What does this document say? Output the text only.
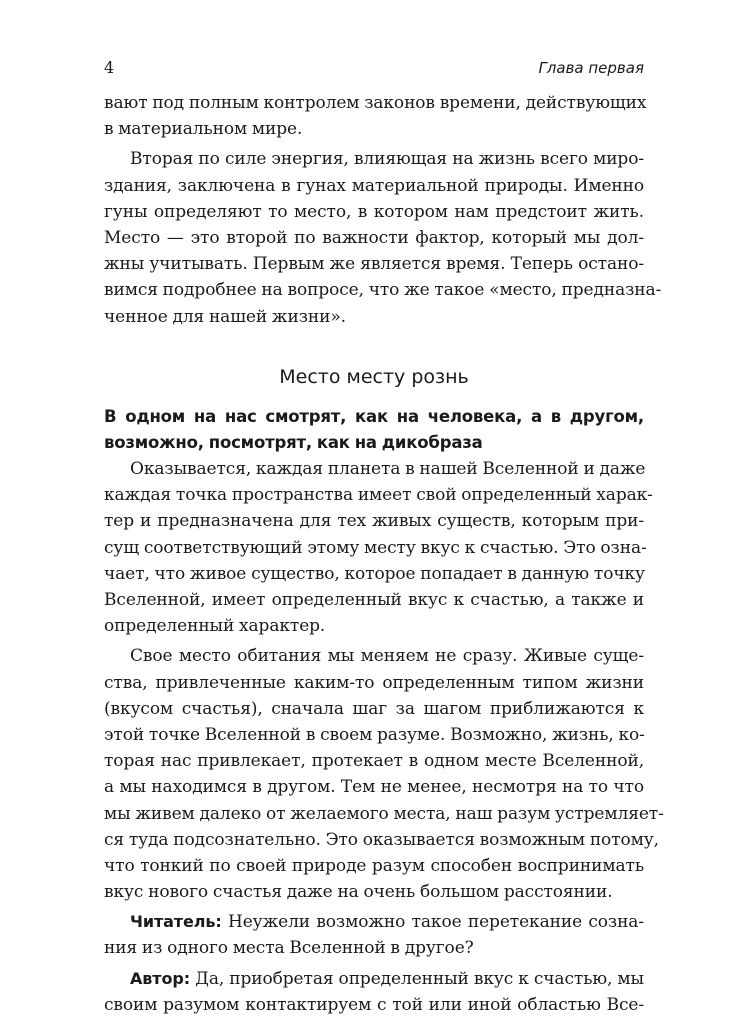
4	Глава первая
вают под полным контролем законов времени, действующих
в материальном мире.
Вторая по силе энергия, влияющая на жизнь всего миро-
здания, заключена в гунах материальной природы. Именно
гуны определяют то место, в котором нам предстоит жить.
Место — это второй по важности фактор, который мы дол-
жны учитывать. Первым же является время. Теперь остано-
вимся подробнее на вопросе, что же такое «место, предназна-
ченное для нашей жизни».
Место месту рознь
В одном на нас смотрят, как на человека, а в другом,
возможно, посмотрят, как на дикобраза
Оказывается, каждая планета в нашей Вселенной и даже
каждая точка пространства имеет свой определенный харак-
тер и предназначена для тех живых существ, которым при-
сущ соответствующий этому месту вкус к счастью. Это озна-
чает, что живое существо, которое попадает в данную точку
Вселенной, имеет определенный вкус к счастью, а также и
определенный характер.
Свое место обитания мы меняем не сразу. Живые суще-
ства, привлеченные каким-то определенным типом жизни
(вкусом счастья), сначала шаг за шагом приближаются к
этой точке Вселенной в своем разуме. Возможно, жизнь, ко-
торая нас привлекает, протекает в одном месте Вселенной,
а мы находимся в другом. Тем не менее, несмотря на то что
мы живем далеко от желаемого места, наш разум устремляет-
ся туда подсознательно. Это оказывается возможным потому,
что тонкий по своей природе разум способен воспринимать
вкус нового счастья даже на очень большом расстоянии.
Читатель: Неужели возможно такое перетекание созна-
ния из одного места Вселенной в другое?
Автор: Да, приобретая определенный вкус к счастью, мы
своим разумом контактируем с той или иной областью Все-
